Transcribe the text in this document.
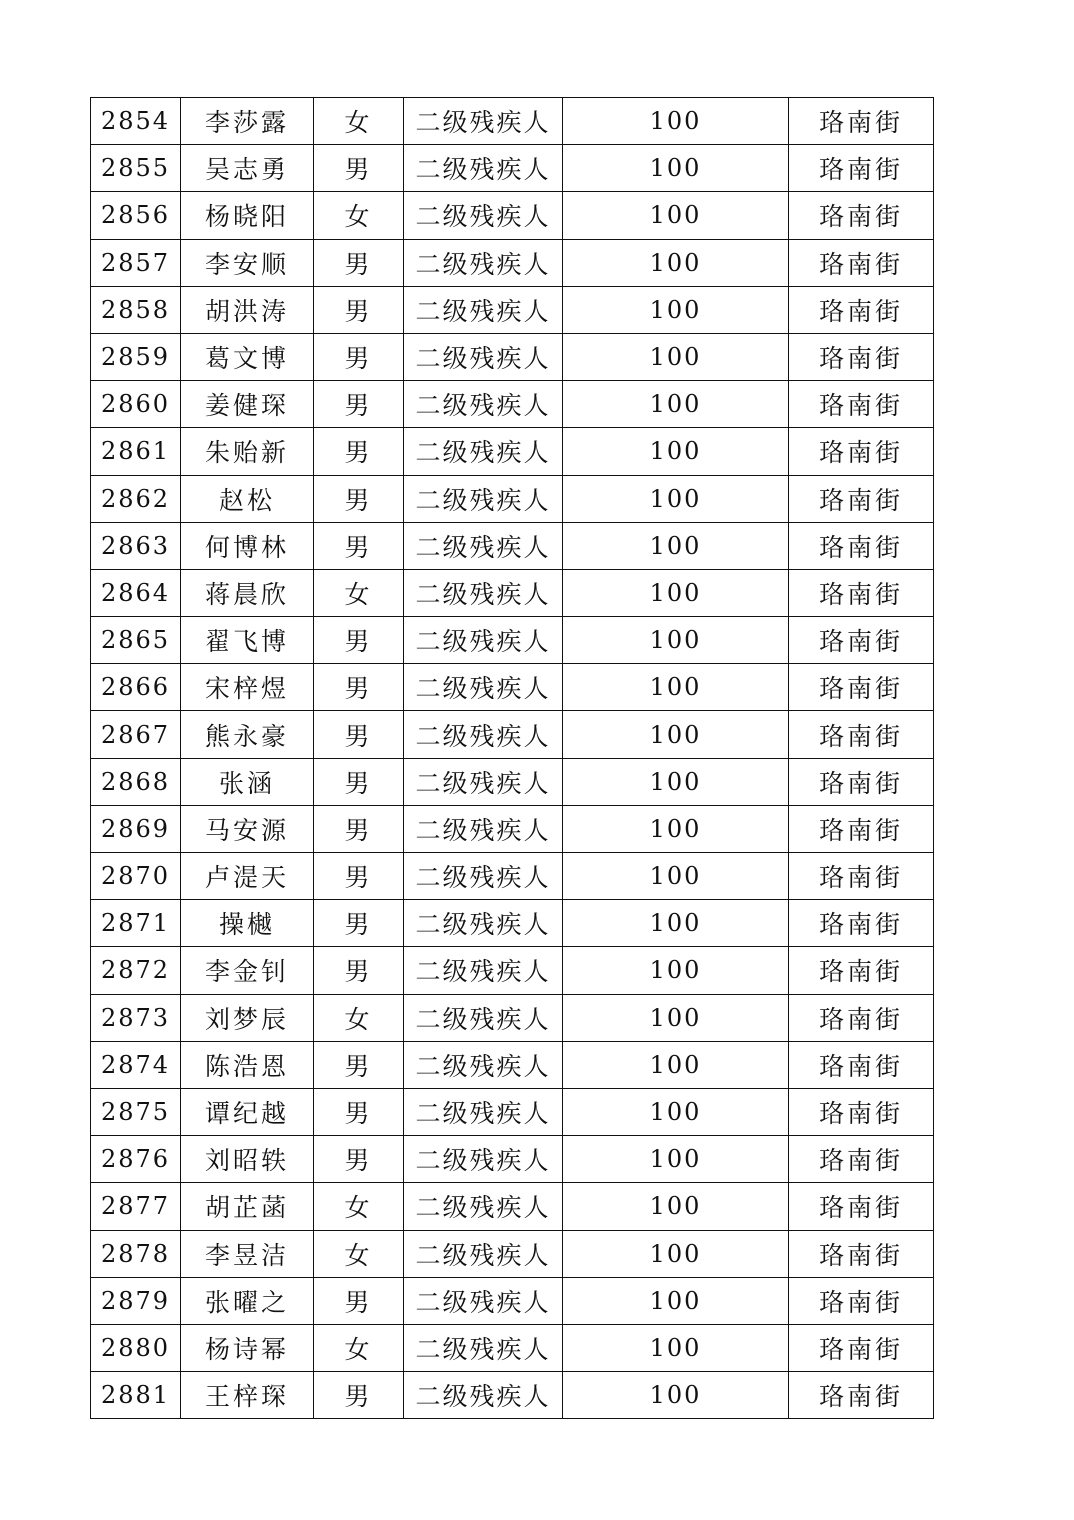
2854	李莎露	女	二级残疾人	100	珞南街
2855	吴志勇	男	二级残疾人	100	珞南街
2856	杨晓阳	女	二级残疾人	100	珞南街
2857	李安顺	男	二级残疾人	100	珞南街
2858	胡洪涛	男	二级残疾人	100	珞南街
2859	葛文博	男	二级残疾人	100	珞南街
2860	姜健琛	男	二级残疾人	100	珞南街
2861	朱贻新	男	二级残疾人	100	珞南街
2862	赵松	男	二级残疾人	100	珞南街
2863	何博林	男	二级残疾人	100	珞南街
2864	蒋晨欣	女	二级残疾人	100	珞南街
2865	翟飞博	男	二级残疾人	100	珞南街
2866	宋梓煜	男	二级残疾人	100	珞南街
2867	熊永豪	男	二级残疾人	100	珞南街
2868	张涵	男	二级残疾人	100	珞南街
2869	马安源	男	二级残疾人	100	珞南街
2870	卢湜天	男	二级残疾人	100	珞南街
2871	操樾	男	二级残疾人	100	珞南街
2872	李金钊	男	二级残疾人	100	珞南街
2873	刘梦辰	女	二级残疾人	100	珞南街
2874	陈浩恩	男	二级残疾人	100	珞南街
2875	谭纪越	男	二级残疾人	100	珞南街
2876	刘昭轶	男	二级残疾人	100	珞南街
2877	胡芷菡	女	二级残疾人	100	珞南街
2878	李昱洁	女	二级残疾人	100	珞南街
2879	张曜之	男	二级残疾人	100	珞南街
2880	杨诗幂	女	二级残疾人	100	珞南街
2881	王梓琛	男	二级残疾人	100	珞南街
